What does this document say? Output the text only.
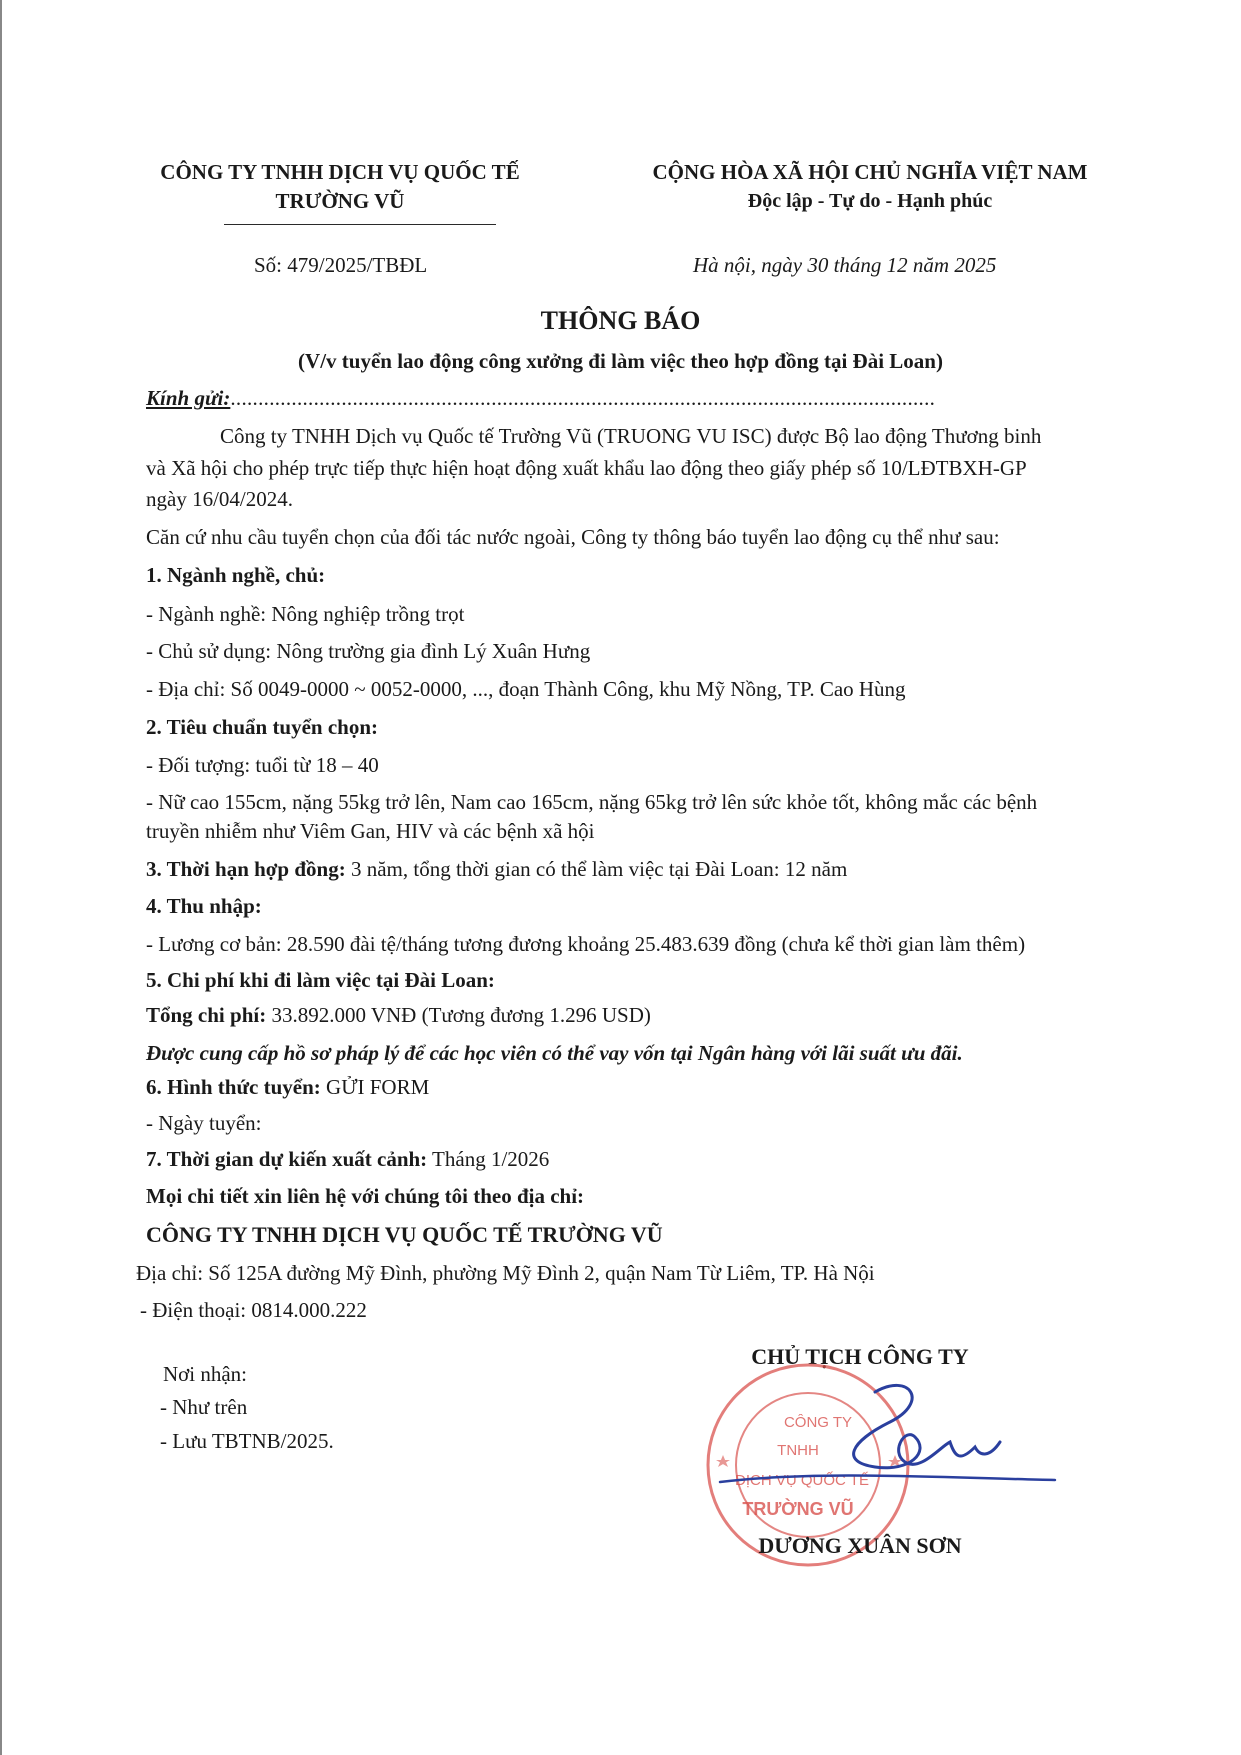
CÔNG TY TNHH DỊCH VỤ QUỐC TẾ
TRƯỜNG VŨ
CỘNG HÒA XÃ HỘI CHỦ NGHĨA VIỆT NAM
Độc lập - Tự do - Hạnh phúc
Số: 479/2025/TBĐL	Hà nội, ngày 30 tháng 12 năm 2025
THÔNG BÁO
(V/v tuyển lao động công xưởng đi làm việc theo hợp đồng tại Đài Loan)
Kính gửi:...............................................................................................................................
Công ty TNHH Dịch vụ Quốc tế Trường Vũ (TRUONG VU ISC) được Bộ lao động Thương binh
và Xã hội cho phép trực tiếp thực hiện hoạt động xuất khẩu lao động theo giấy phép số 10/LĐTBXH-GP
ngày 16/04/2024.
Căn cứ nhu cầu tuyển chọn của đối tác nước ngoài, Công ty thông báo tuyển lao động cụ thể như sau:
1. Ngành nghề, chủ:
- Ngành nghề: Nông nghiệp trồng trọt
- Chủ sử dụng: Nông trường gia đình Lý Xuân Hưng
- Địa chỉ: Số 0049-0000 ~ 0052-0000, ..., đoạn Thành Công, khu Mỹ Nồng, TP. Cao Hùng
2. Tiêu chuẩn tuyển chọn:
- Đối tượng: tuổi từ 18 – 40
- Nữ cao 155cm, nặng 55kg trở lên, Nam cao 165cm, nặng 65kg trở lên sức khỏe tốt, không mắc các bệnh
truyền nhiễm như Viêm Gan, HIV và các bệnh xã hội
3. Thời hạn hợp đồng: 3 năm, tổng thời gian có thể làm việc tại Đài Loan: 12 năm
4. Thu nhập:
- Lương cơ bản: 28.590 đài tệ/tháng tương đương khoảng 25.483.639 đồng (chưa kể thời gian làm thêm)
5. Chi phí khi đi làm việc tại Đài Loan:
Tổng chi phí: 33.892.000 VNĐ (Tương đương 1.296 USD)
Được cung cấp hồ sơ pháp lý để các học viên có thể vay vốn tại Ngân hàng với lãi suất ưu đãi.
6. Hình thức tuyển: GỬI FORM
- Ngày tuyển:
7. Thời gian dự kiến xuất cảnh: Tháng 1/2026
Mọi chi tiết xin liên hệ với chúng tôi theo địa chỉ:
CÔNG TY TNHH DỊCH VỤ QUỐC TẾ TRƯỜNG VŨ
Địa chỉ: Số 125A đường Mỹ Đình, phường Mỹ Đình 2, quận Nam Từ Liêm, TP. Hà Nội
- Điện thoại: 0814.000.222
Nơi nhận:
- Như trên
- Lưu TBTNB/2025.
CHỦ TỊCH CÔNG TY
CÔNG TY
TNHH
DỊCH VỤ QUỐC TẾ
TRƯỜNG VŨ
DƯƠNG XUÂN SƠN
